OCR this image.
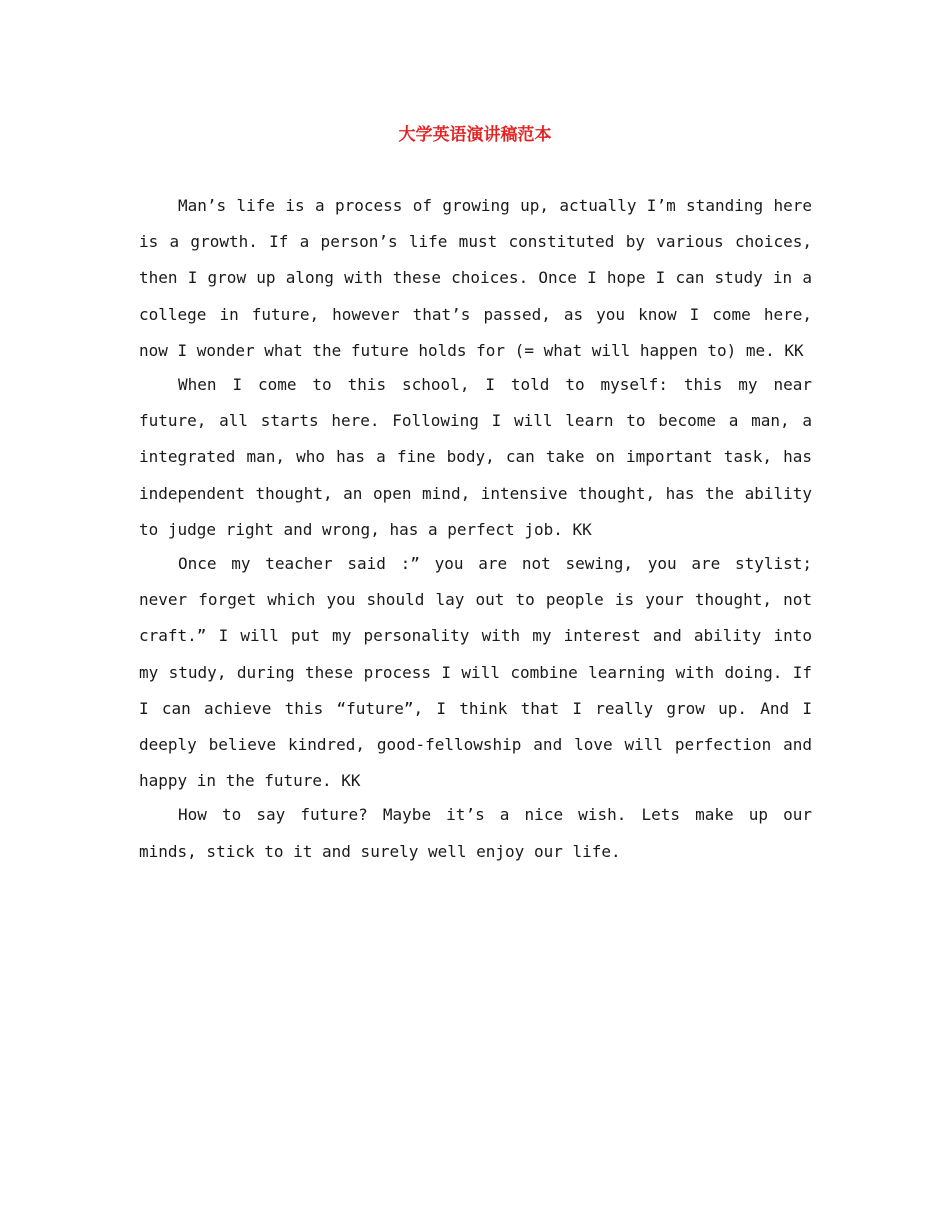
大学英语演讲稿范本

Man’s life is a process of growing up, actually I’m standing here is a growth. If a person’s life must constituted by various choices, then I grow up along with these choices. Once I hope I can study in a college in future, however that’s passed, as you know I come here, now I wonder what the future holds for (= what will happen to) me. KK

When I come to this school, I told to myself: this my near future, all starts here. Following I will learn to become a man, a integrated man, who has a fine body, can take on important task, has independent thought, an open mind, intensive thought, has the ability to judge right and wrong, has a perfect job. KK

Once my teacher said :” you are not sewing, you are stylist; never forget which you should lay out to people is your thought, not craft.” I will put my personality with my interest and ability into my study, during these process I will combine learning with doing. If I can achieve this “future”, I think that I really grow up. And I deeply believe kindred, good-fellowship and love will perfection and happy in the future. KK

How to say future? Maybe it’s a nice wish. Lets make up our minds, stick to it and surely well enjoy our life.
